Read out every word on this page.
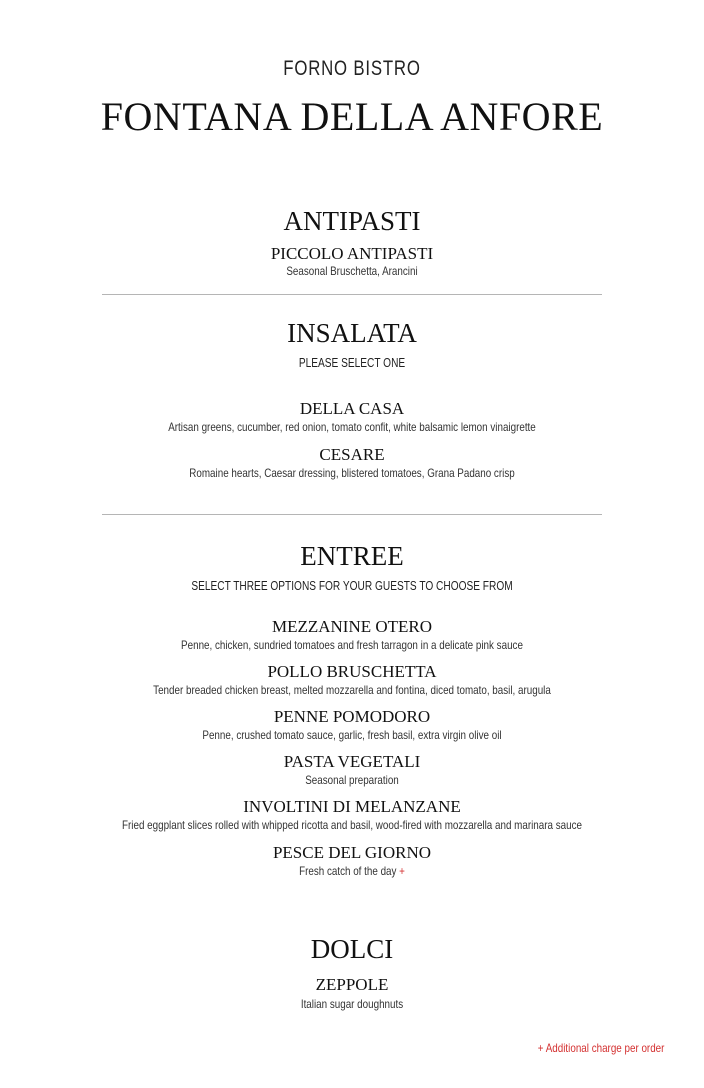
FORNO BISTRO
FONTANA DELLA ANFORE
ANTIPASTI
PICCOLO ANTIPASTI
Seasonal Bruschetta, Arancini
INSALATA
PLEASE SELECT ONE
DELLA CASA
Artisan greens, cucumber, red onion, tomato confit, white balsamic lemon vinaigrette
CESARE
Romaine hearts, Caesar dressing, blistered tomatoes, Grana Padano crisp
ENTREE
SELECT THREE OPTIONS FOR YOUR GUESTS TO CHOOSE FROM
MEZZANINE OTERO
Penne, chicken, sundried tomatoes and fresh tarragon in a delicate pink sauce
POLLO BRUSCHETTA
Tender breaded chicken breast, melted mozzarella and fontina, diced tomato, basil, arugula
PENNE POMODORO
Penne, crushed tomato sauce, garlic, fresh basil, extra virgin olive oil
PASTA VEGETALI
Seasonal preparation
INVOLTINI DI MELANZANE
Fried eggplant slices rolled with whipped ricotta and basil, wood-fired with mozzarella and marinara sauce
PESCE DEL GIORNO
Fresh catch of the day +
DOLCI
ZEPPOLE
Italian sugar doughnuts
+ Additional charge per order
